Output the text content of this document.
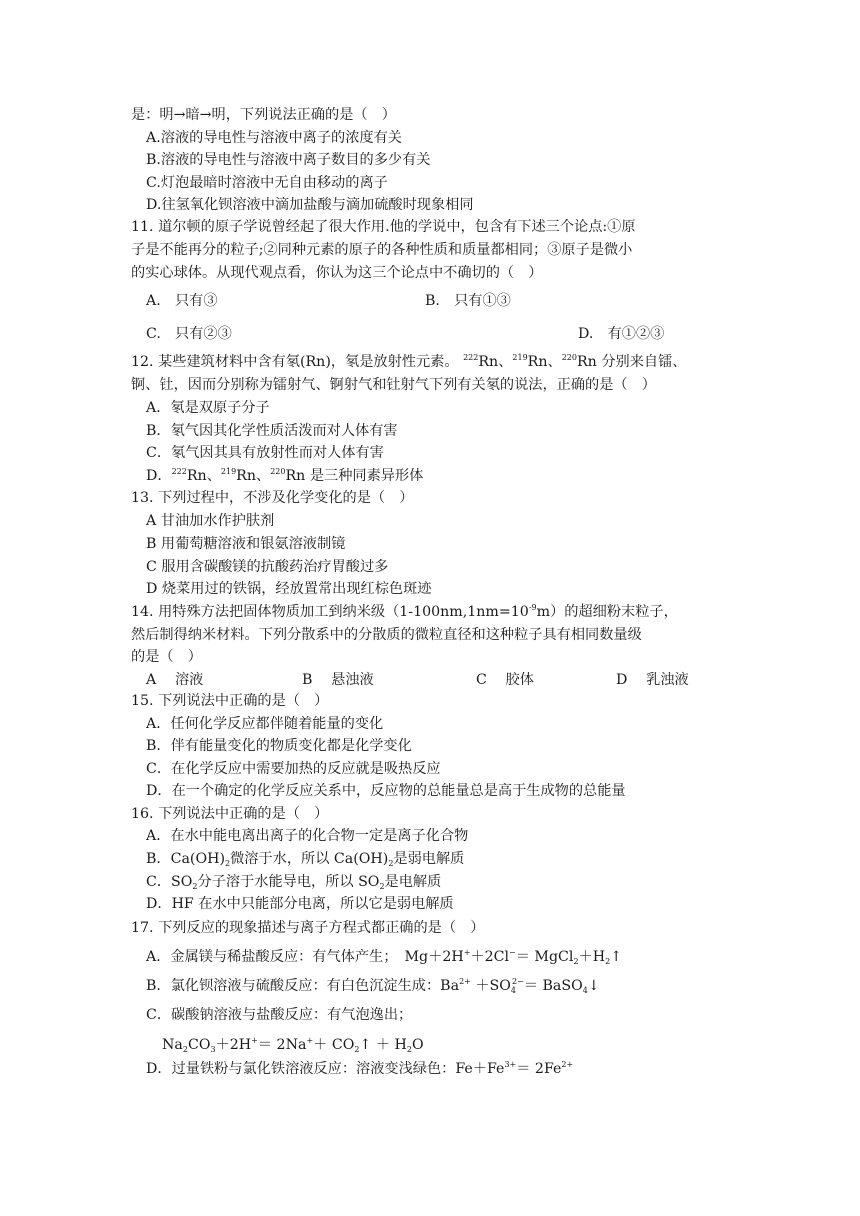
是：明→暗→明，下列说法正确的是（　）
A.溶液的导电性与溶液中离子的浓度有关
B.溶液的导电性与溶液中离子数目的多少有关
C.灯泡最暗时溶液中无自由移动的离子
D.往氢氧化钡溶液中滴加盐酸与滴加硫酸时现象相同
11. 道尔顿的原子学说曾经起了很大作用.他的学说中，包含有下述三个论点:①原
子是不能再分的粒子;②同种元素的原子的各种性质和质量都相同；③原子是微小
的实心球体。从现代观点看，你认为这三个论点中不确切的（　）
A.　只有③	B.　只有①③
C.　只有②③	D.　有①②③
12. 某些建筑材料中含有氡(Rn)，氡是放射性元素。 $^{222}$Rn、$^{219}$Rn、$^{220}$Rn 分别来自镭、
锕、钍，因而分别称为镭射气、锕射气和钍射气下列有关氡的说法，正确的是（　）
A．氡是双原子分子
B．氡气因其化学性质活泼而对人体有害
C．氡气因其具有放射性而对人体有害
D．$^{222}$Rn、$^{219}$Rn、$^{220}$Rn 是三种同素异形体
13. 下列过程中，不涉及化学变化的是（　）
A 甘油加水作护肤剂
B 用葡萄糖溶液和银氨溶液制镜
C 服用含碳酸镁的抗酸药治疗胃酸过多
D 烧菜用过的铁锅，经放置常出现红棕色斑迹
14. 用特殊方法把固体物质加工到纳米级$(1-100nm,1nm=10^{-9}m)$的超细粉末粒子，
然后制得纳米材料。下列分散系中的分散质的微粒直径和这种粒子具有相同数量级
的是（　）
A　 溶液	B　 悬浊液	C　 胶体	D　 乳浊液
15. 下列说法中正确的是（　）
A．任何化学反应都伴随着能量的变化
B．伴有能量变化的物质变化都是化学变化
C．在化学反应中需要加热的反应就是吸热反应
D．在一个确定的化学反应关系中，反应物的总能量总是高于生成物的总能量
16. 下列说法中正确的是（　）
A．在水中能电离出离子的化合物一定是离子化合物
B．$Ca(OH)_2$微溶于水，所以 $Ca(OH)_2$是弱电解质
C．$SO_2$分子溶于水能导电，所以 $SO_2$是电解质
D．HF 在水中只能部分电离，所以它是弱电解质
17. 下列反应的现象描述与离子方程式都正确的是（　）
A．金属镁与稀盐酸反应：有气体产生；　$Mg+2H^++2Cl^-= MgCl_2+H_2↑$
B．氯化钡溶液与硫酸反应：有白色沉淀生成：$Ba^{2+} +SO_4^{2-}=$ BaSO$_4$↓
C．碳酸钠溶液与盐酸反应：有气泡逸出；
$Na_2CO_3+2H^+= 2Na^++$ $CO_2↑ + H_2O$
D．过量铁粉与氯化铁溶液反应：溶液变浅绿色：$Fe+Fe^{3+}= 2Fe^{2+}$
